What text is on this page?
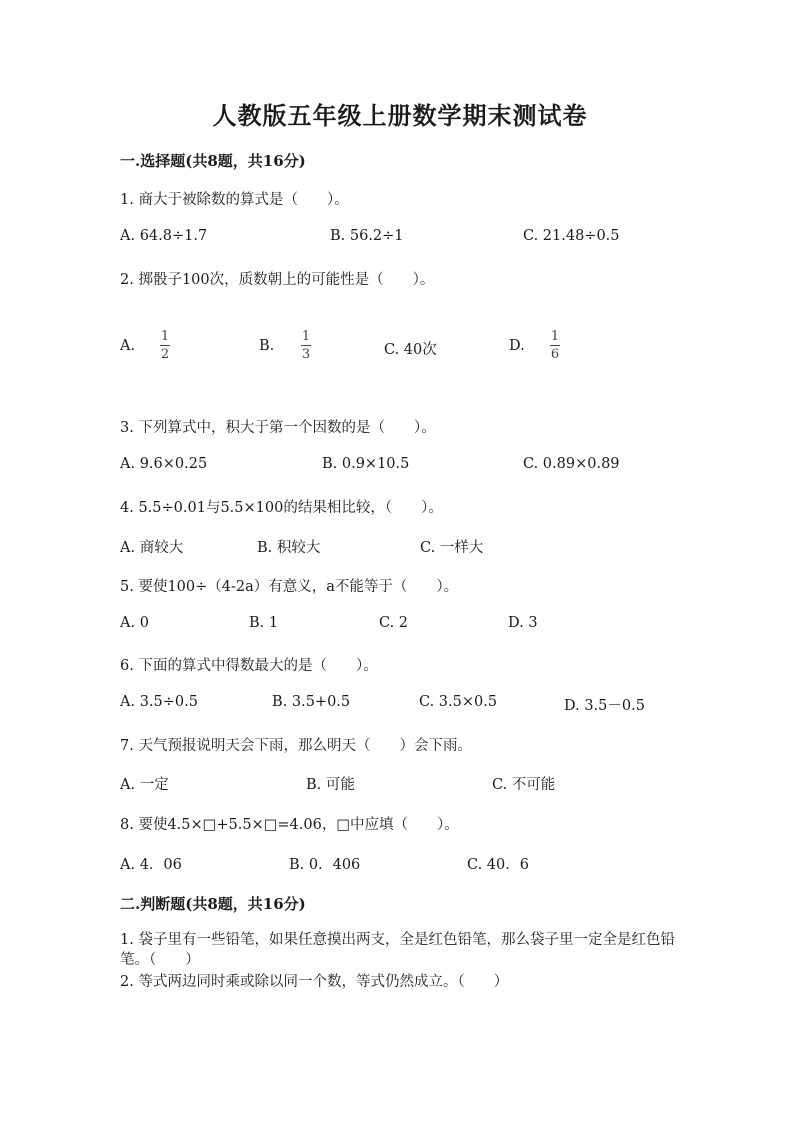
人教版五年级上册数学期末测试卷
一.选择题(共8题，共16分)
1. 商大于被除数的算式是（　　）。
A. 64.8÷1.7	B. 56.2÷1	C. 21.48÷0.5
2. 掷骰子100次，质数朝上的可能性是（　　）。
A.
1
2
B.
1
3	C. 40次	D.
1
6
3. 下列算式中，积大于第一个因数的是（　　）。
A. 9.6×0.25	B. 0.9×10.5	C. 0.89×0.89
4. 5.5÷0.01与5.5×100的结果相比较，（　　）。
A. 商较大	B. 积较大	C. 一样大
5. 要使100÷（4-2a）有意义，a不能等于（　　）。
A. 0	B. 1	C. 2	D. 3
6. 下面的算式中得数最大的是（　　）。
A. 3.5÷0.5	B. 3.5+0.5	C. 3.5×0.5	D. 3.5－0.5
7. 天气预报说明天会下雨，那么明天（　　）会下雨。
A. 一定	B. 可能	C. 不可能
8. 要使4.5×□+5.5×□=4.06，□中应填（　　）。
A. 4．06	B. 0．406	C. 40．6
二.判断题(共8题，共16分)
1. 袋子里有一些铅笔，如果任意摸出两支，全是红色铅笔，那么袋子里一定全是红色铅笔。（　　）
2. 等式两边同时乘或除以同一个数，等式仍然成立。（　　）
